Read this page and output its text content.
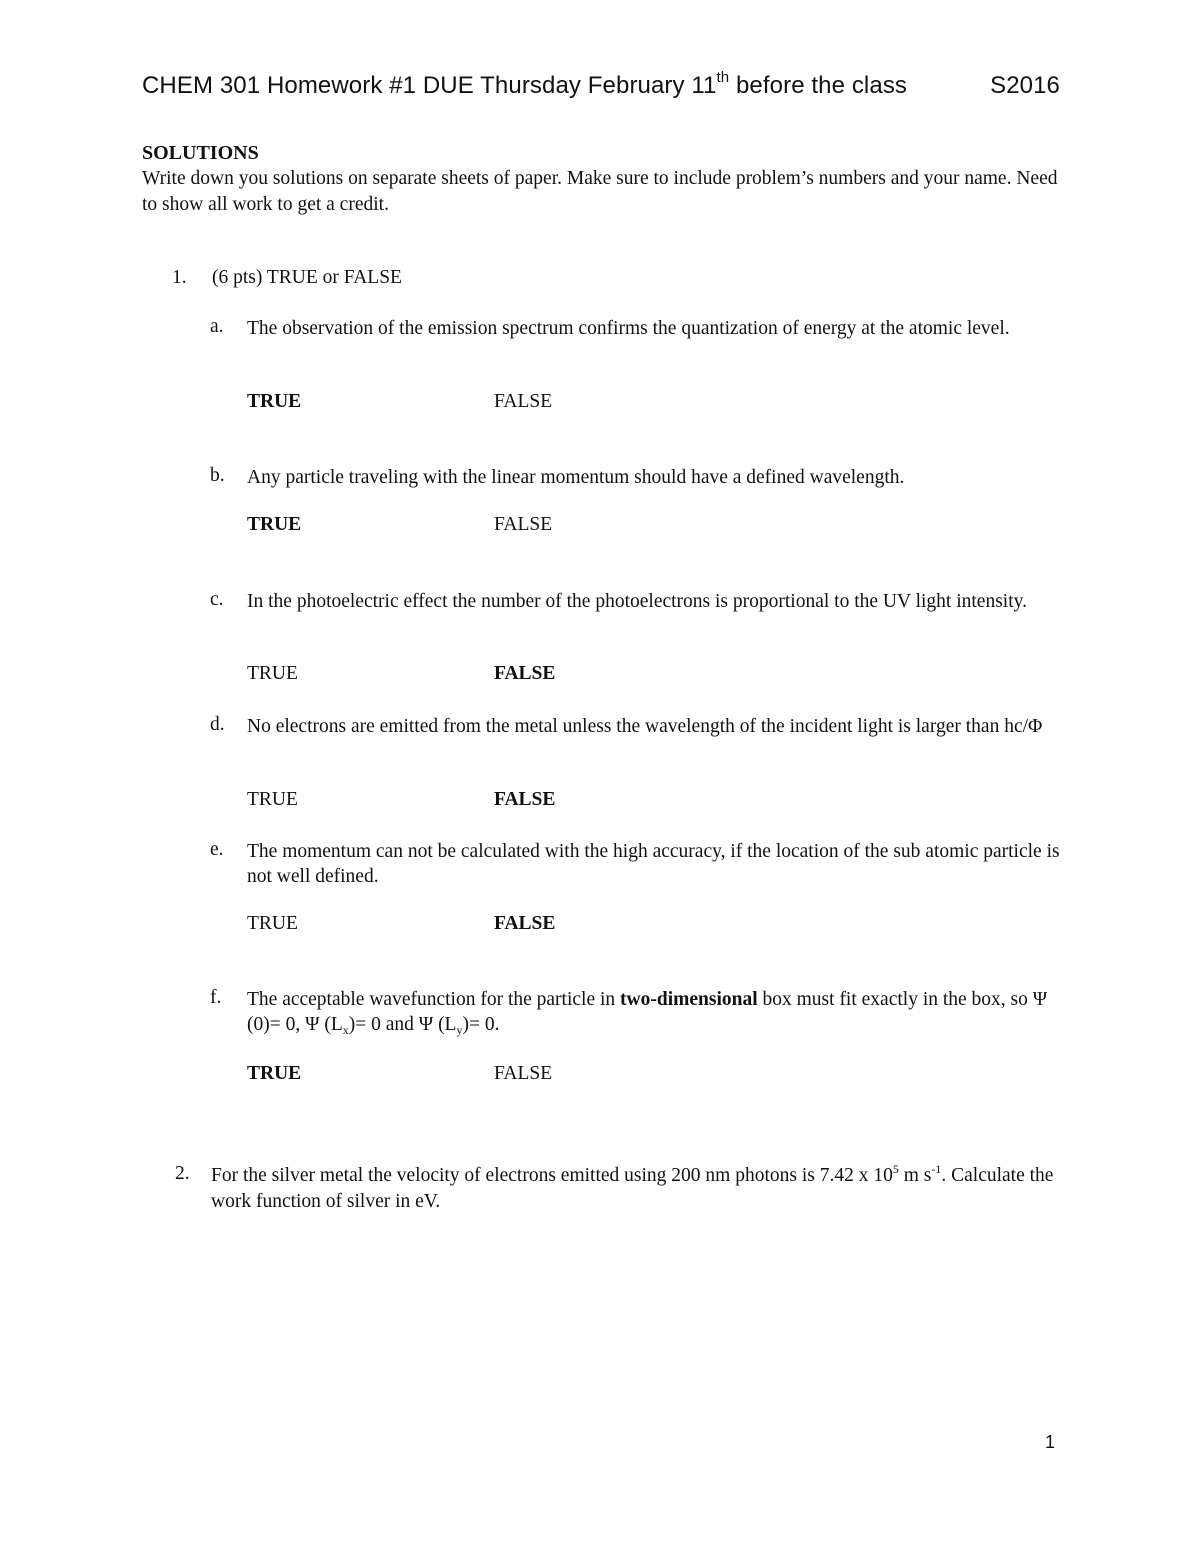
CHEM 301 Homework #1 DUE Thursday February 11th before the class	S2016
SOLUTIONS
Write down you solutions on separate sheets of paper. Make sure to include problem’s numbers and your name. Need to show all work to get a credit.
1. (6 pts) TRUE or FALSE
a. The observation of the emission spectrum confirms the quantization of energy at the atomic level.
TRUE	FALSE
b. Any particle traveling with the linear momentum should have a defined wavelength.
TRUE	FALSE
c. In the photoelectric effect the number of the photoelectrons is proportional to the UV light intensity.
TRUE	FALSE
d. No electrons are emitted from the metal unless the wavelength of the incident light is larger than hc/Φ
TRUE	FALSE
e. The momentum can not be calculated with the high accuracy, if the location of the sub atomic particle is not well defined.
TRUE	FALSE
f. The acceptable wavefunction for the particle in two-dimensional box must fit exactly in the box, so Ψ (0)= 0, Ψ $(L_x)= 0$ and Ψ $(L_y)= 0$.
TRUE	FALSE
2. For the silver metal the velocity of electrons emitted using 200 nm photons is 7.42 x $10^5$ m $s^{-1}$. Calculate the work function of silver in eV.
1
